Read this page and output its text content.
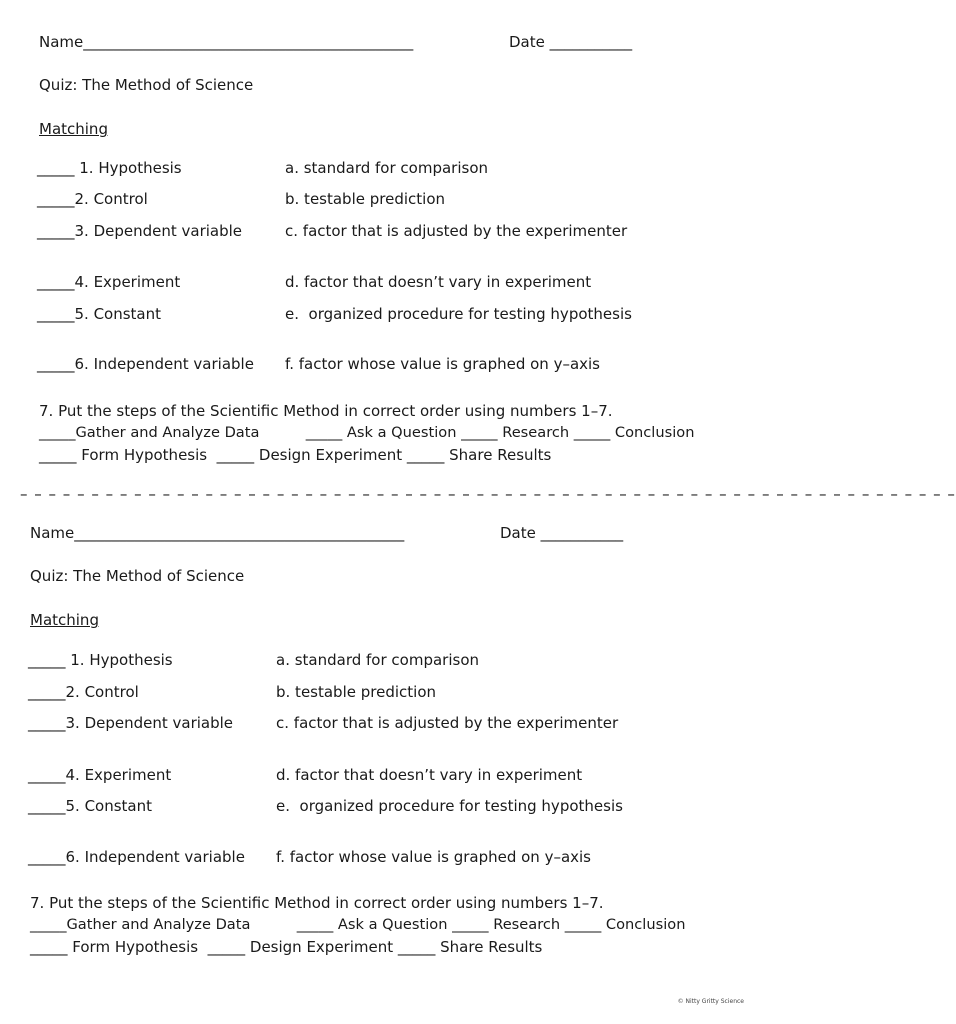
Name____________________________________________	Date ___________
Quiz: The Method of Science
Matching
_____ 1. Hypothesis
_____2. Control
_____3. Dependent variable
_____4. Experiment
_____5. Constant
_____6. Independent variable
a. standard for comparison
b. testable prediction
c. factor that is adjusted by the experimenter
d. factor that doesn’t vary in experiment
e.  organized procedure for testing hypothesis
f. factor whose value is graphed on y–axis
7. Put the steps of the Scientific Method in correct order using numbers 1–7.
_____Gather and Analyze Data          _____ Ask a Question _____ Research _____ Conclusion
_____ Form Hypothesis  _____ Design Experiment _____ Share Results
– – – – – – – – – – – – – – – – – – – – – – – – – – – – – – – – – – – – – – – – – – – – – – – – – – – – – – – – – – – – – – – – – –
Name____________________________________________	Date ___________
Quiz: The Method of Science
Matching
_____ 1. Hypothesis
_____2. Control
_____3. Dependent variable
_____4. Experiment
_____5. Constant
_____6. Independent variable
a. standard for comparison
b. testable prediction
c. factor that is adjusted by the experimenter
d. factor that doesn’t vary in experiment
e.  organized procedure for testing hypothesis
f. factor whose value is graphed on y–axis
7. Put the steps of the Scientific Method in correct order using numbers 1–7.
_____Gather and Analyze Data          _____ Ask a Question _____ Research _____ Conclusion
_____ Form Hypothesis  _____ Design Experiment _____ Share Results
© Nitty Gritty Science
